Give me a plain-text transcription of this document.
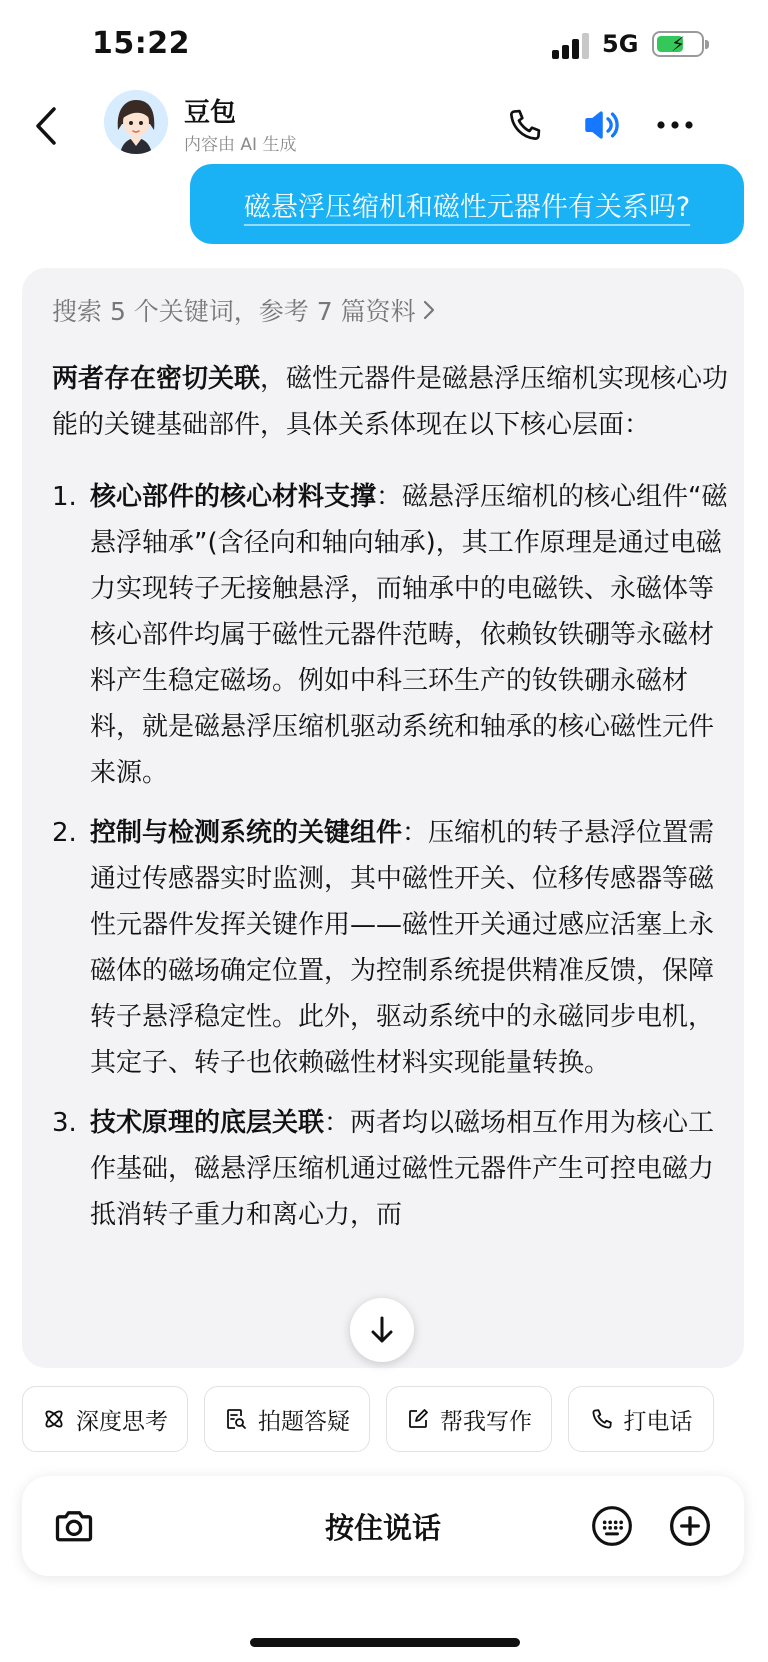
15:22	5G ⚡
豆包
内容由 AI 生成
磁悬浮压缩机和磁性元器件有关系吗?
搜索 5 个关键词，参考 7 篇资料

两者存在密切关联，磁性元器件是磁悬浮压缩机实现核心功能的关键基础部件，具体关系体现在以下核心层面：

1. 核心部件的核心材料支撑：磁悬浮压缩机的核心组件“磁悬浮轴承”(含径向和轴向轴承)，其工作原理是通过电磁力实现转子无接触悬浮，而轴承中的电磁铁、永磁体等核心部件均属于磁性元器件范畴，依赖钕铁硼等永磁材料产生稳定磁场。例如中科三环生产的钕铁硼永磁材料，就是磁悬浮压缩机驱动系统和轴承的核心磁性元件来源。
2. 控制与检测系统的关键组件：压缩机的转子悬浮位置需通过传感器实时监测，其中磁性开关、位移传感器等磁性元器件发挥关键作用——磁性开关通过感应活塞上永磁体的磁场确定位置，为控制系统提供精准反馈，保障转子悬浮稳定性。此外，驱动系统中的永磁同步电机，其定子、转子也依赖磁性材料实现能量转换。
3. 技术原理的底层关联：两者均以磁场相互作用为核心工作基础，磁悬浮压缩机通过磁性元器件产生可控电磁力抵消转子重力和离心力，而
深度思考	拍题答疑	帮我写作	打电话
按住说话
